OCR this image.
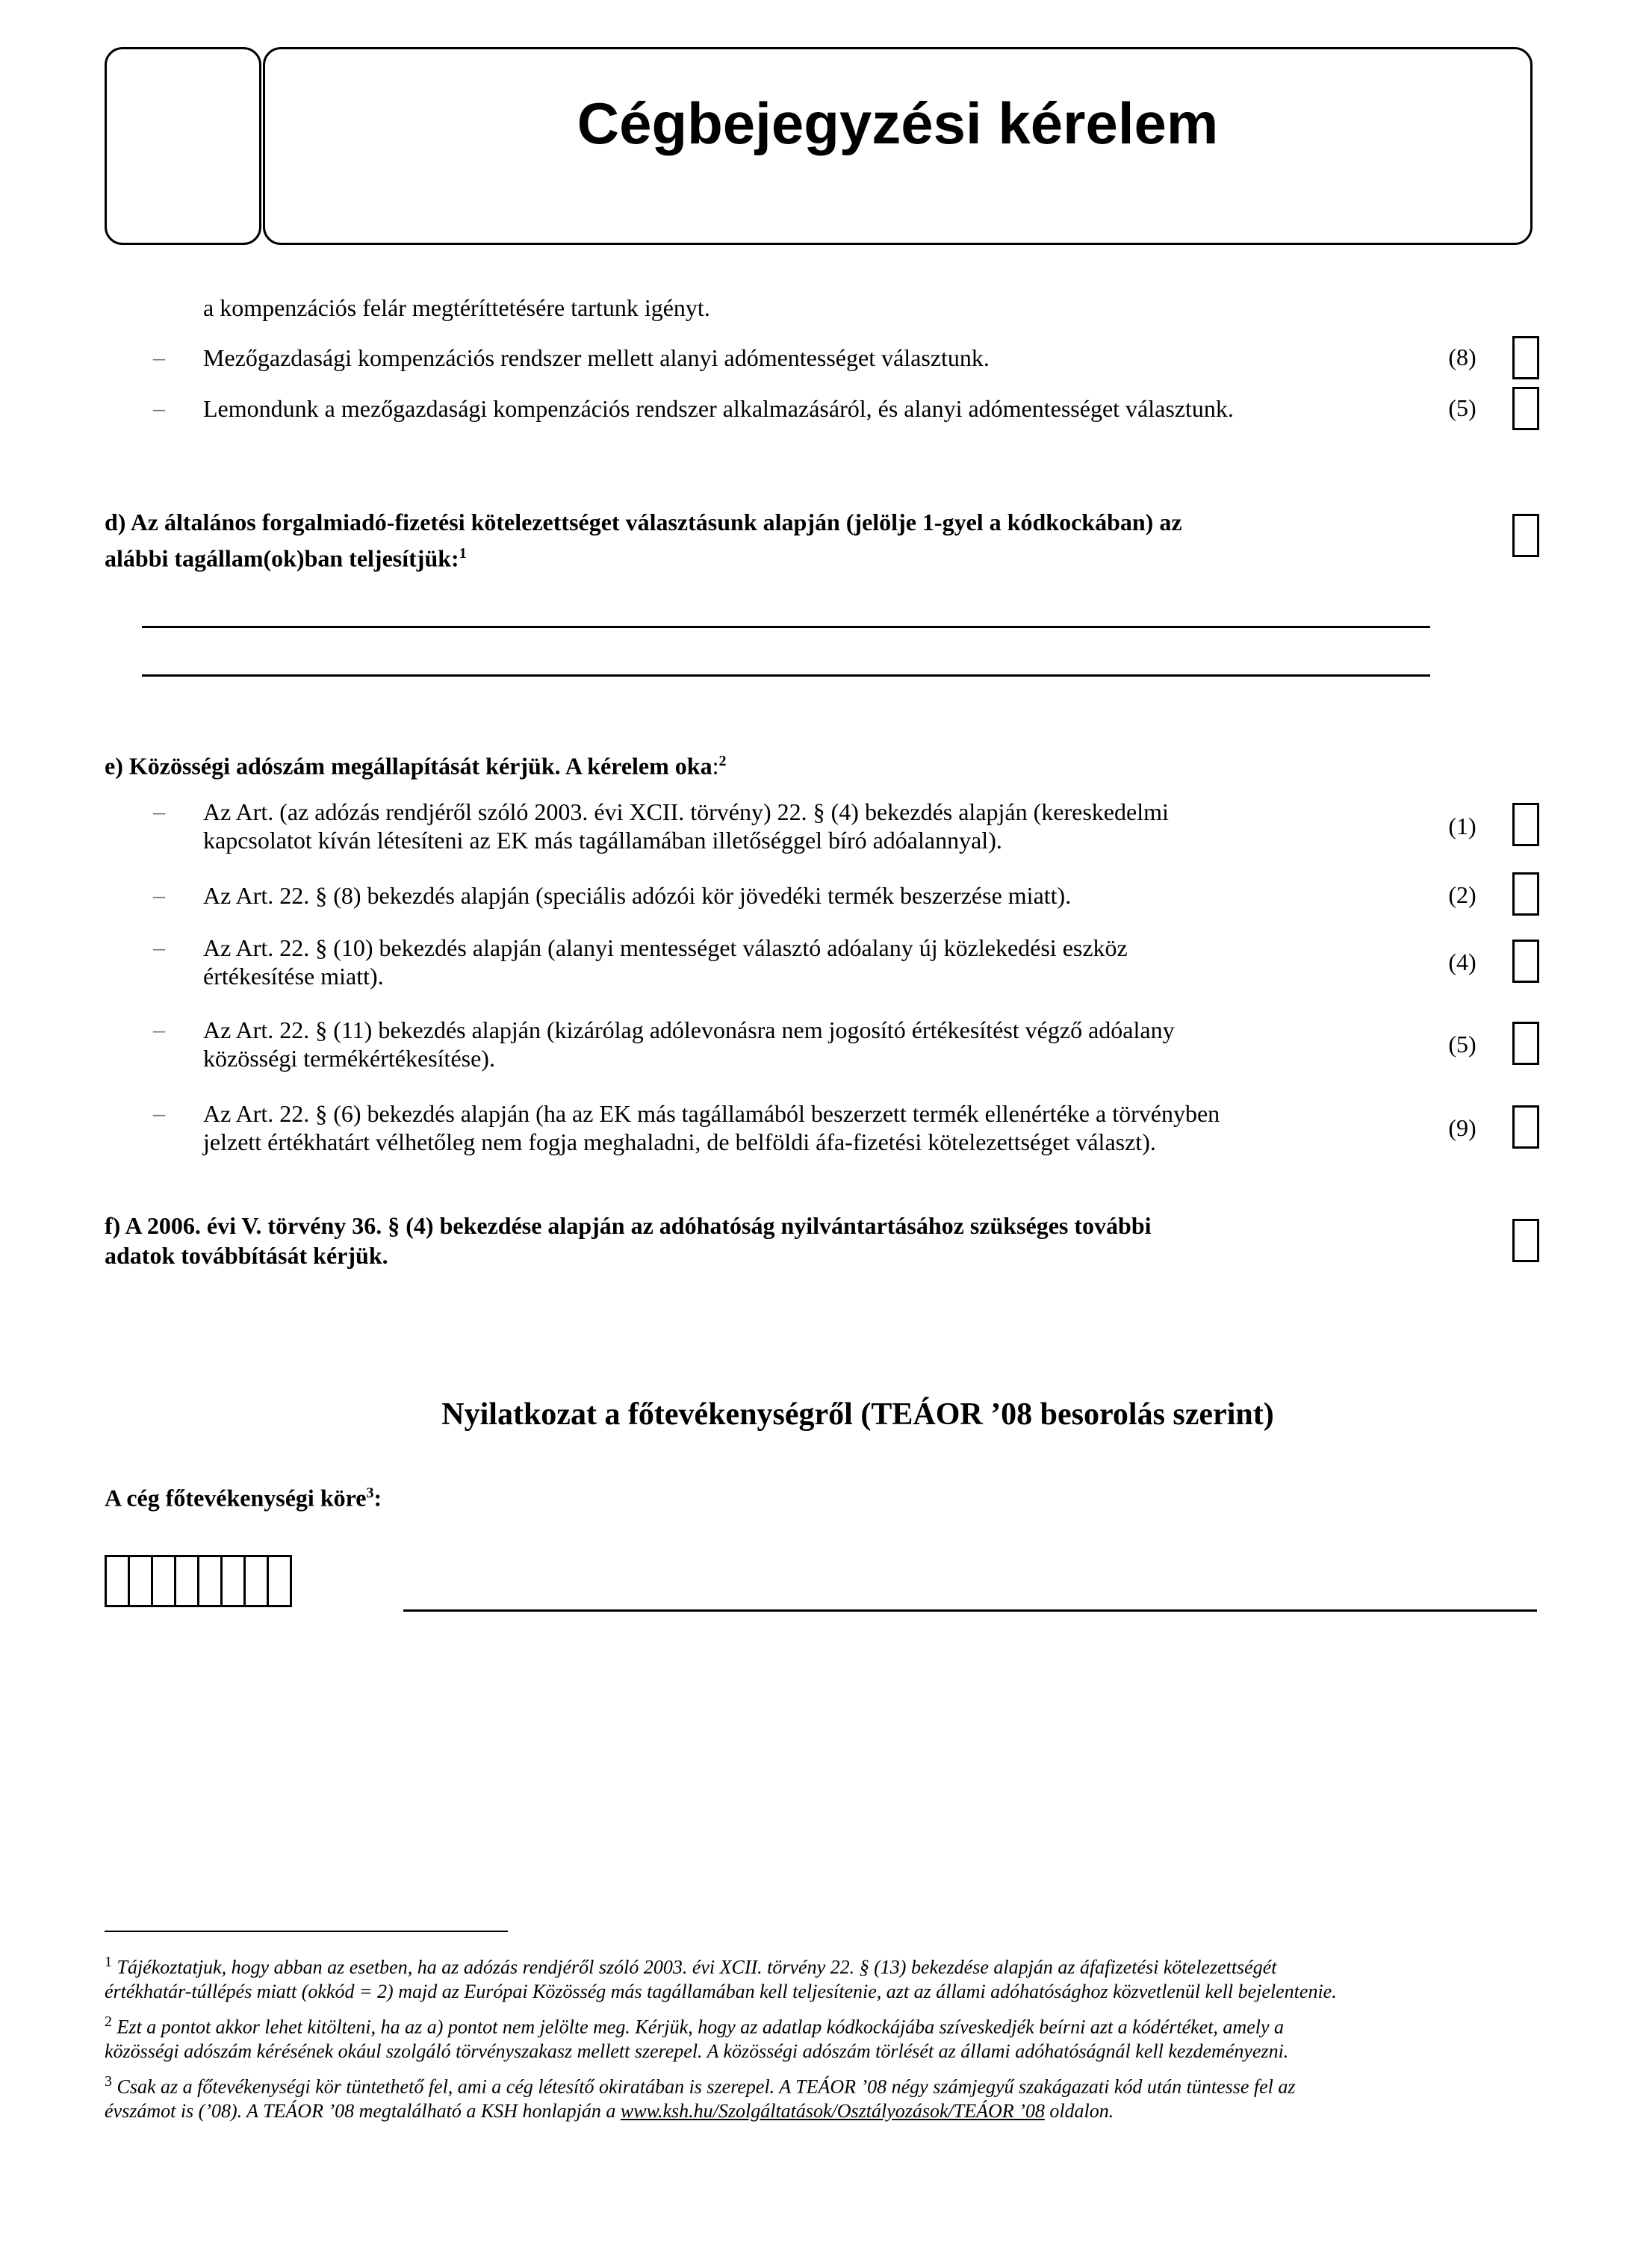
Cégbejegyzési kérelem
a kompenzációs felár megtéríttetésére tartunk igényt.
– Mezőgazdasági kompenzációs rendszer mellett alanyi adómentességet választunk.	(8)
– Lemondunk a mezőgazdasági kompenzációs rendszer alkalmazásáról, és alanyi adómentességet választunk.	(5)
d) Az általános forgalmiadó-fizetési kötelezettséget választásunk alapján (jelölje 1-gyel a kódkockában) az
alábbi tagállam(ok)ban teljesítjük:$^1$
e) Közösségi adószám megállapítását kérjük. A kérelem oka:$^2$
– Az Art. (az adózás rendjéről szóló 2003. évi XCII. törvény) 22. § (4) bekezdés alapján (kereskedelmi
kapcsolatot kíván létesíteni az EK más tagállamában illetőséggel bíró adóalannyal).
(1)
– Az Art. 22. § (8) bekezdés alapján (speciális adózói kör jövedéki termék beszerzése miatt).	(2)
– Az Art. 22. § (10) bekezdés alapján (alanyi mentességet választó adóalany új közlekedési eszköz
értékesítése miatt).
(4)
– Az Art. 22. § (11) bekezdés alapján (kizárólag adólevonásra nem jogosító értékesítést végző adóalany
közösségi termékértékesítése).
(5)
– Az Art. 22. § (6) bekezdés alapján (ha az EK más tagállamából beszerzett termék ellenértéke a törvényben
jelzett értékhatárt vélhetőleg nem fogja meghaladni, de belföldi áfa-fizetési kötelezettséget választ).
(9)
f) A 2006. évi V. törvény 36. § (4) bekezdése alapján az adóhatóság nyilvántartásához szükséges további
adatok továbbítását kérjük.
Nyilatkozat a főtevékenységről (TEÁOR ’08 besorolás szerint)
A cég főtevékenységi köre$^3$:
$^1$ Tájékoztatjuk, hogy abban az esetben, ha az adózás rendjéről szóló 2003. évi XCII. törvény 22. § (13) bekezdése alapján az áfafizetési kötelezettségét
értékhatár-túllépés miatt (okkód = 2) majd az Európai Közösség más tagállamában kell teljesítenie, azt az állami adóhatósághoz közvetlenül kell bejelentenie.
$^2$ Ezt a pontot akkor lehet kitölteni, ha az a) pontot nem jelölte meg. Kérjük, hogy az adatlap kódkockájába szíveskedjék beírni azt a kódértéket, amely a
közösségi adószám kérésének okául szolgáló törvényszakasz mellett szerepel. A közösségi adószám törlését az állami adóhatóságnál kell kezdeményezni.
$^3$ Csak az a főtevékenységi kör tüntethető fel, ami a cég létesítő okiratában is szerepel. A TEÁOR ’08 négy számjegyű szakágazati kód után tüntesse fel az
évszámot is (’08). A TEÁOR ’08 megtalálható a KSH honlapján a www.ksh.hu/Szolgáltatások/Osztályozások/TEÁOR ’08 oldalon.
